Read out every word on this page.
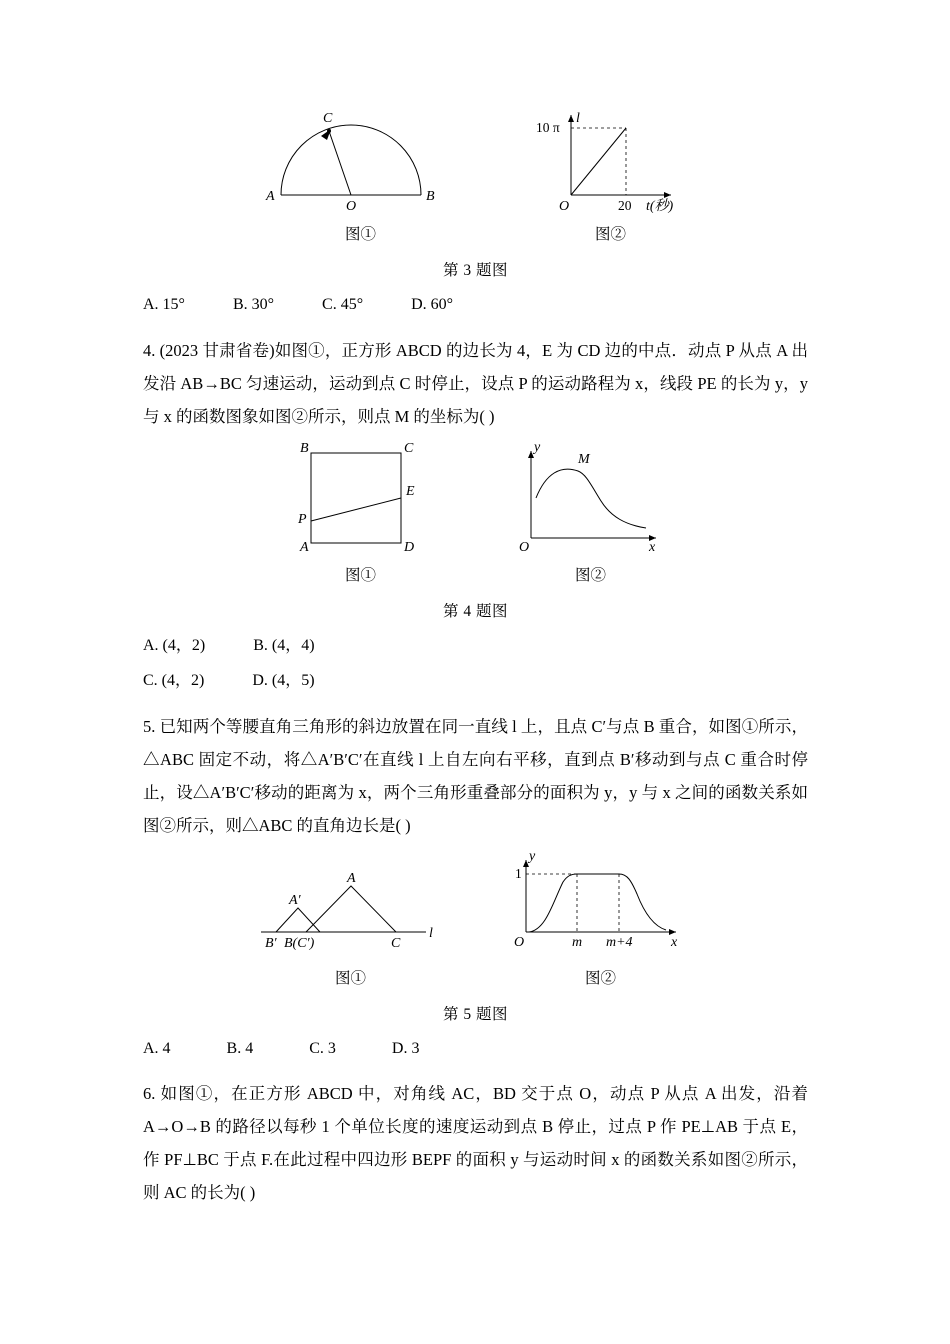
C
A	B
O
图①
10 π
l
O	20 t(秒)
图②
第 3 题图
A. 15°            B. 30°            C. 45°            D. 60°
4. (2023 甘肃省卷)如图①，正方形 ABCD 的边长为 4，E 为 CD 边的中点．动点 P 从点 A 出发沿 AB→BC 匀速运动，运动到点 C 时停止，设点 P 的运动路程为 x，线段 PE 的长为 y，y 与 x 的函数图象如图②所示，则点 M 的坐标为( )
B	C
E
D
P
A
图①
y
x
O
M
图②
第 4 题图
A. (4，2)            B. (4，4)
C. (4，2)            D. (4，5)
5. 已知两个等腰直角三角形的斜边放置在同一直线 l 上，且点 C′与点 B 重合，如图①所示，△ABC 固定不动，将△A′B′C′在直线 l 上自左向右平移，直到点 B′移动到与点 C 重合时停止，设△A′B′C′移动的距离为 x，两个三角形重叠部分的面积为 y，y 与 x 之间的函数关系如图②所示，则△ABC 的直角边长是( )
A
A′
B′ B(C′)	C
l
y
x
O
1
m m+4
图①	图②
第 5 题图
A. 4              B. 4              C. 3              D. 3
6. 如图①，在正方形 ABCD 中，对角线 AC，BD 交于点 O，动点 P 从点 A 出发，沿着 A→O→B 的路径以每秒 1 个单位长度的速度运动到点 B 停止，过点 P 作 PE⊥AB 于点 E，作 PF⊥BC 于点 F.在此过程中四边形 BEPF 的面积 y 与运动时间 x 的函数关系如图②所示，则 AC 的长为( )
